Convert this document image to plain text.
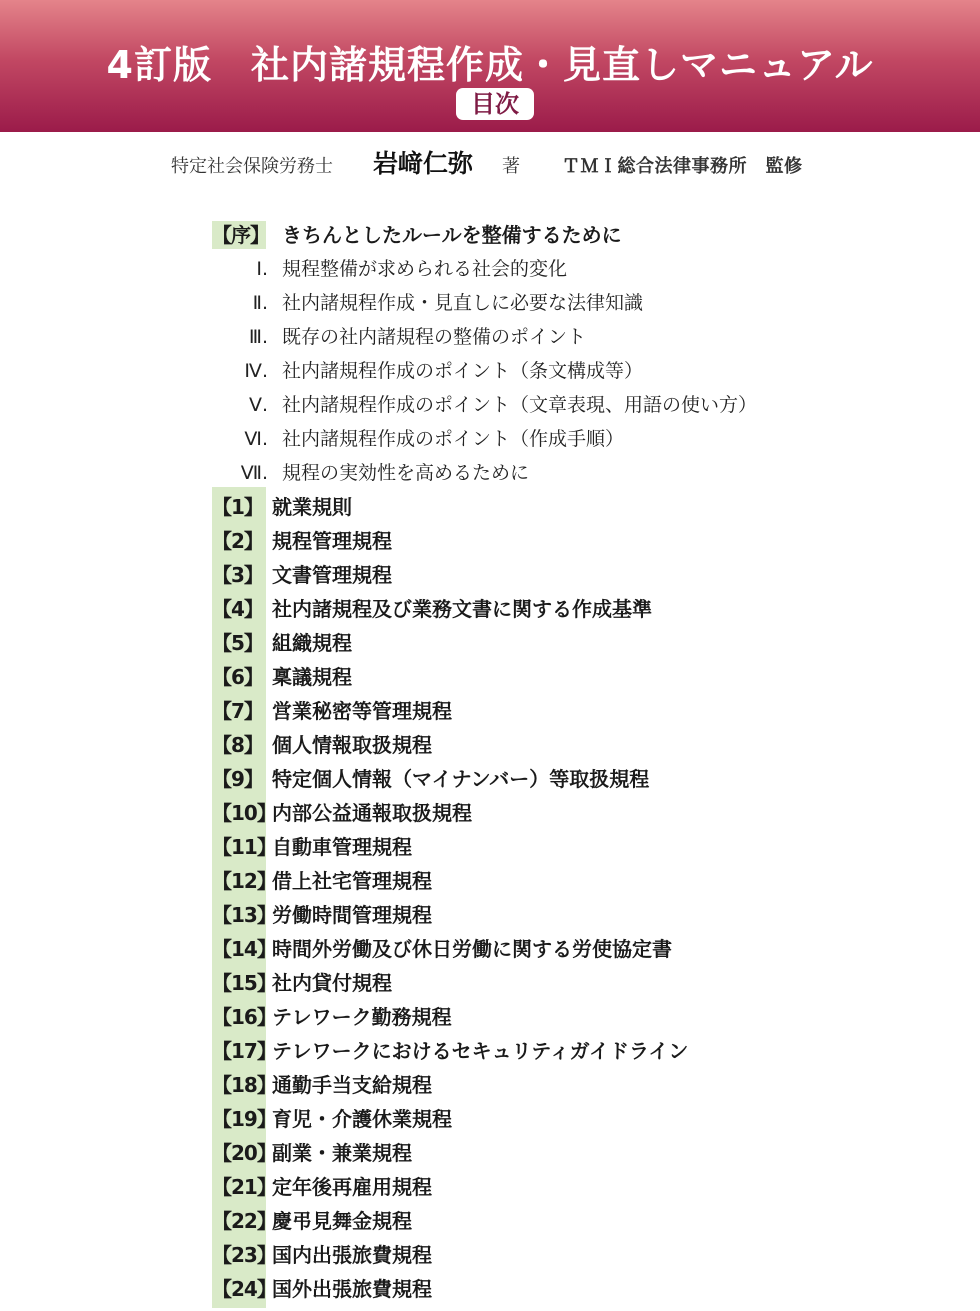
4訂版　社内諸規程作成・見直しマニュアル
目次
特定社会保険労務士 岩﨑仁弥 著 ＴＭＩ総合法律事務所　監修
【序】 きちんとしたルールを整備するために
Ⅰ. 規程整備が求められる社会的変化
Ⅱ. 社内諸規程作成・見直しに必要な法律知識
Ⅲ. 既存の社内諸規程の整備のポイント
Ⅳ. 社内諸規程作成のポイント（条文構成等）
Ⅴ. 社内諸規程作成のポイント（文章表現、用語の使い方）
Ⅵ. 社内諸規程作成のポイント（作成手順）
Ⅶ. 規程の実効性を高めるために
【1】 就業規則
【2】 規程管理規程
【3】 文書管理規程
【4】 社内諸規程及び業務文書に関する作成基準
【5】 組織規程
【6】 稟議規程
【7】 営業秘密等管理規程
【8】 個人情報取扱規程
【9】 特定個人情報（マイナンバー）等取扱規程
【10】
内部公益通報取扱規程
【11】
自動車管理規程
【12】
借上社宅管理規程
【13】
労働時間管理規程
【14】
時間外労働及び休日労働に関する労使協定書
【15】
社内貸付規程
【16】
テレワーク勤務規程
【17】
テレワークにおけるセキュリティガイドライン
【18】
通勤手当支給規程
【19】
育児・介護休業規程
【20】
副業・兼業規程
【21】
定年後再雇用規程
【22】
慶弔見舞金規程
【23】
国内出張旅費規程
【24】
国外出張旅費規程
